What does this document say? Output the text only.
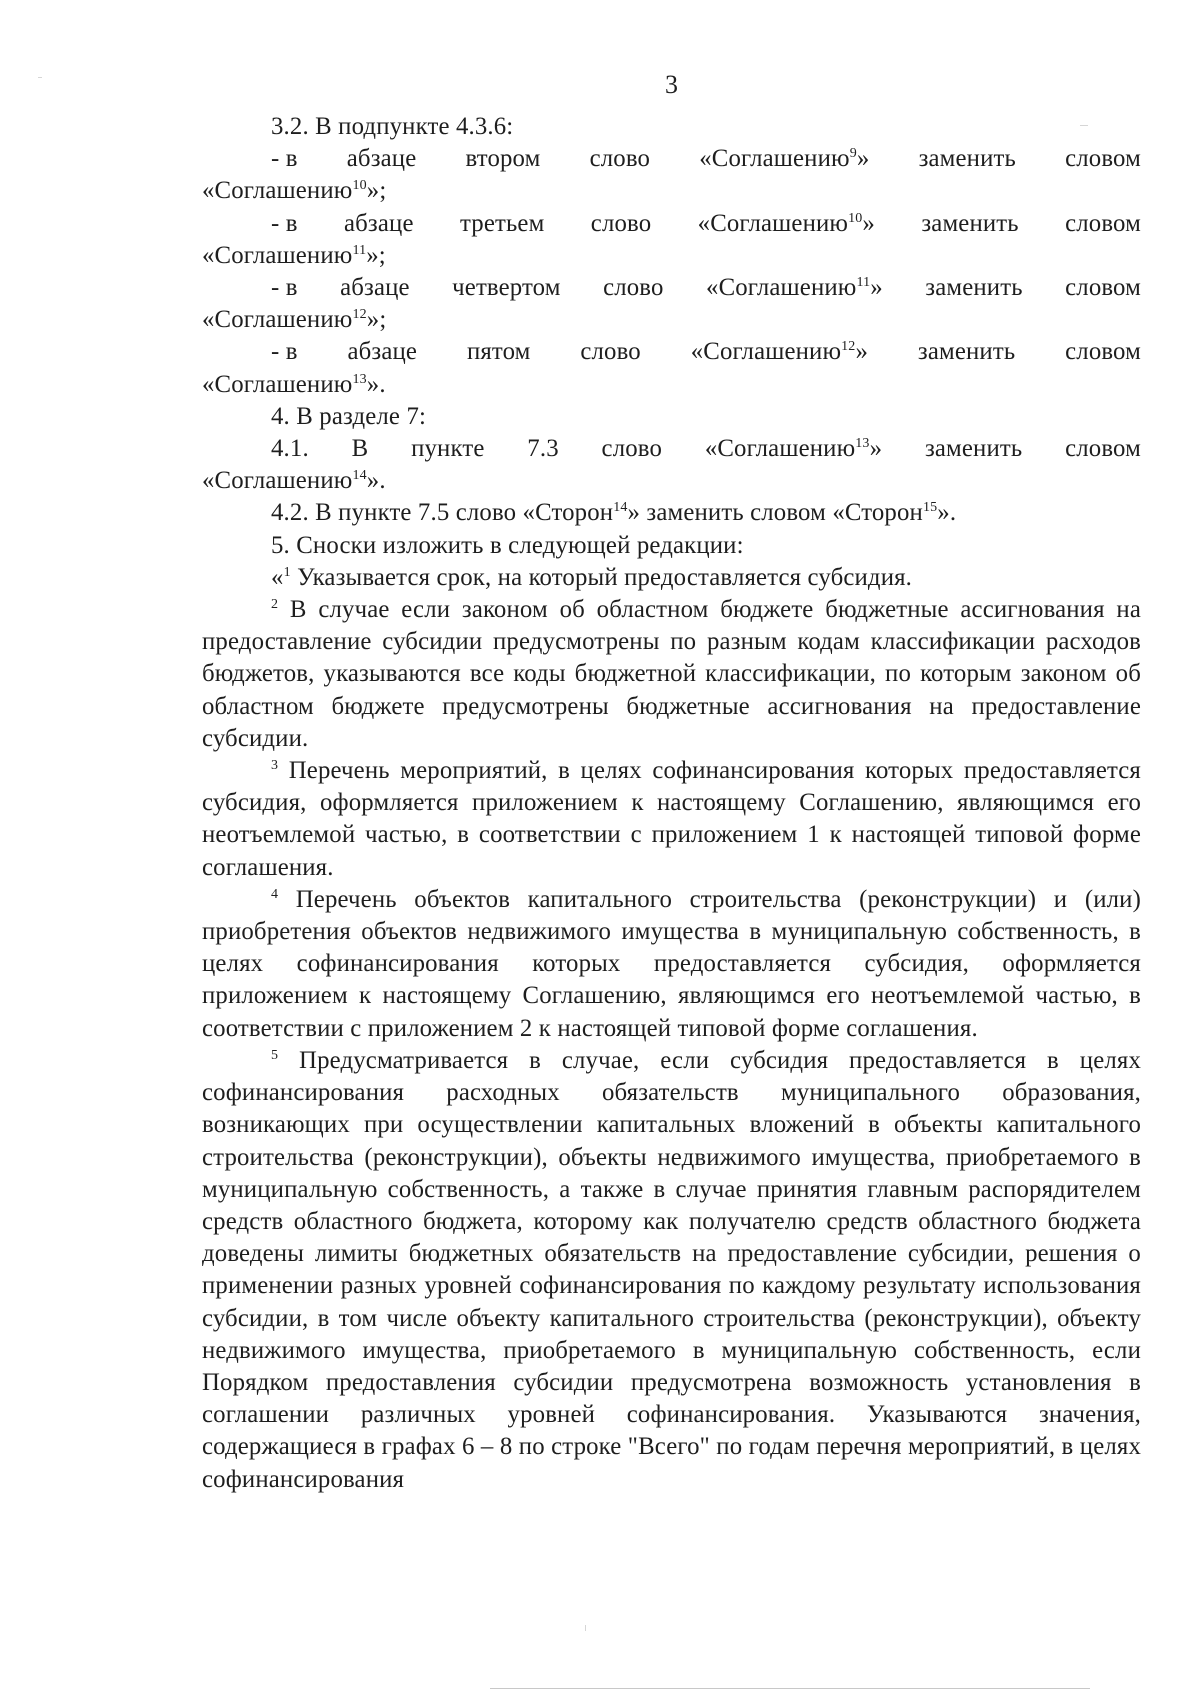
3

3.2. В подпункте 4.3.6:

- в абзаце втором слово «Соглашению$^9$» заменить словом
«Соглашению$^{10}$»;
- в абзаце третьем слово «Соглашению$^{10}$» заменить словом
«Соглашению$^{11}$»;
- в абзаце четвертом слово «Соглашению$^{11}$» заменить словом
«Соглашению$^{12}$»;
- в абзаце пятом слово «Соглашению$^{12}$» заменить словом
«Соглашению$^{13}$».

4. В разделе 7:

4.1. В пункте 7.3 слово «Соглашению$^{13}$» заменить словом
«Соглашению$^{14}$».

4.2. В пункте 7.5 слово «Сторон$^{14}$» заменить словом «Сторон$^{15}$».

5. Сноски изложить в следующей редакции:

«$^1$ Указывается срок, на который предоставляется субсидия.

$^2$ В случае если законом об областном бюджете бюджетные ассигнования на предоставление субсидии предусмотрены по разным кодам классификации расходов бюджетов, указываются все коды бюджетной классификации, по которым законом об областном бюджете предусмотрены бюджетные ассигнования на предоставление субсидии.

$^3$ Перечень мероприятий, в целях софинансирования которых предоставляется субсидия, оформляется приложением к настоящему Соглашению, являющимся его неотъемлемой частью, в соответствии с приложением 1 к настоящей типовой форме соглашения.

$^4$ Перечень объектов капитального строительства (реконструкции) и (или) приобретения объектов недвижимого имущества в муниципальную собственность, в целях софинансирования которых предоставляется субсидия, оформляется приложением к настоящему Соглашению, являющимся его неотъемлемой частью, в соответствии с приложением 2 к настоящей типовой форме соглашения.

$^5$ Предусматривается в случае, если субсидия предоставляется в целях софинансирования расходных обязательств муниципального образования, возникающих при осуществлении капитальных вложений в объекты капитального строительства (реконструкции), объекты недвижимого имущества, приобретаемого в муниципальную собственность, а также в случае принятия главным распорядителем средств областного бюджета, которому как получателю средств областного бюджета доведены лимиты бюджетных обязательств на предоставление субсидии, решения о применении разных уровней софинансирования по каждому результату использования субсидии, в том числе объекту капитального строительства (реконструкции), объекту недвижимого имущества, приобретаемого в муниципальную собственность, если Порядком предоставления субсидии предусмотрена возможность установления в соглашении различных уровней софинансирования. Указываются значения, содержащиеся в графах 6 – 8 по строке "Всего" по годам перечня мероприятий, в целях софинансирования
